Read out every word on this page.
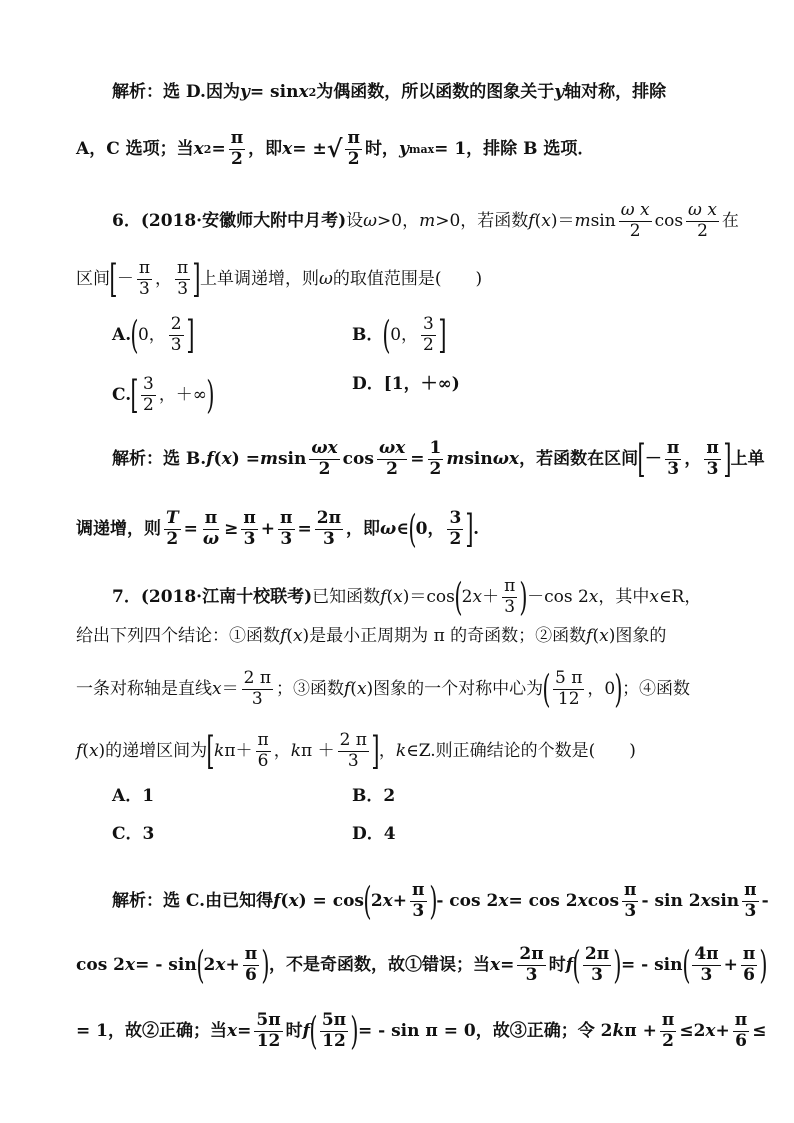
解析：选 D.因为 y = sin x 2 为偶函数，所以函数的图象关于 y 轴对称，排除
A，C 选项；当 x $2 = \frac{\pi}{2}$ ，即 x = ± √ $\frac{\pi}{2}$ 时， y max = 1，排除 B 选项．
6．(2018·安徽师大附中月考) 设 ω >0， m >0，若函数 f ( x )＝ m $\sin \frac{\text{ω x}}{2}$ $\cos \frac{\text{ω x}}{2}$ 在
区间 [ － $\frac{\pi}{3}$ ， $\frac{\pi}{3}$ ] 上单调递增，则 ω 的取值范围是(　　)
A. ( 0， $\frac{2}{3}$ ]	B． ( 0， $\frac{3}{2}$ ]
C. [ $\frac{3}{2}$ ，＋∞ )	D． [1，＋∞)
解析：选 B. f ( x ) = m $\sin \frac{\omega x}{2}$ $\cos \frac{\omega x}{2} = \frac{1}{2}$ m sin ωx ，若函数在区间 [ － $\frac{\pi}{3}$ ， $\frac{\pi}{3}$ ] 上单
调递增，则 $\frac{T}{2} = \frac{\pi}{\omega} \ge \frac{\pi}{3} + \frac{\pi}{3} = \frac{2\pi}{3}$ ，即 ω ∈ ( 0， $\frac{3}{2}$ ] .
7．(2018·江南十校联考) 已知函数 f ( x )＝cos ( 2 $x + \frac{\pi}{3}$ ) －cos 2 x ，其中 x ∈R，
给出下列四个结论：①函数 f ( x )是最小正周期为 π 的奇函数；②函数 f ( x )图象的
一条对称轴是直线 $x = \frac{2 \pi}{3}$ ；③函数 f ( x )图象的一个对称中心为 ( $\frac{5 \pi}{12}$ ，0 ) ；④函数
f ( x )的递增区间为 [ k $\pi + \frac{\pi}{6}$ ， k $\pi + \frac{2 \pi}{3}$ ] ， k ∈Z.则正确结论的个数是(　　)
A．1	B．2
C．3	D．4
解析：选 C.由已知得 f ( x ) = cos ( 2 $x + \frac{\pi}{3}$ ) - cos 2 x = cos 2 x $\cos \frac{\pi}{3}$ - sin 2 x $\sin \frac{\pi}{3}$ -
cos 2 x = - sin ( 2 $x + \frac{\pi}{6}$ ) ，不是奇函数，故①错误；当 $x = \frac{2\pi}{3}$ 时 f ( $\frac{2\pi}{3}$ ) = - sin ( $\frac{4\pi}{3} + \frac{\pi}{6}$ )
= 1，故②正确；当 $x = \frac{5\pi}{12}$ 时 f ( $\frac{5\pi}{12}$ ) = - sin π = 0，故③正确；令 2 k $\pi + \frac{\pi}{2} \le 2$ $x + \frac{\pi}{6}$ ≤
